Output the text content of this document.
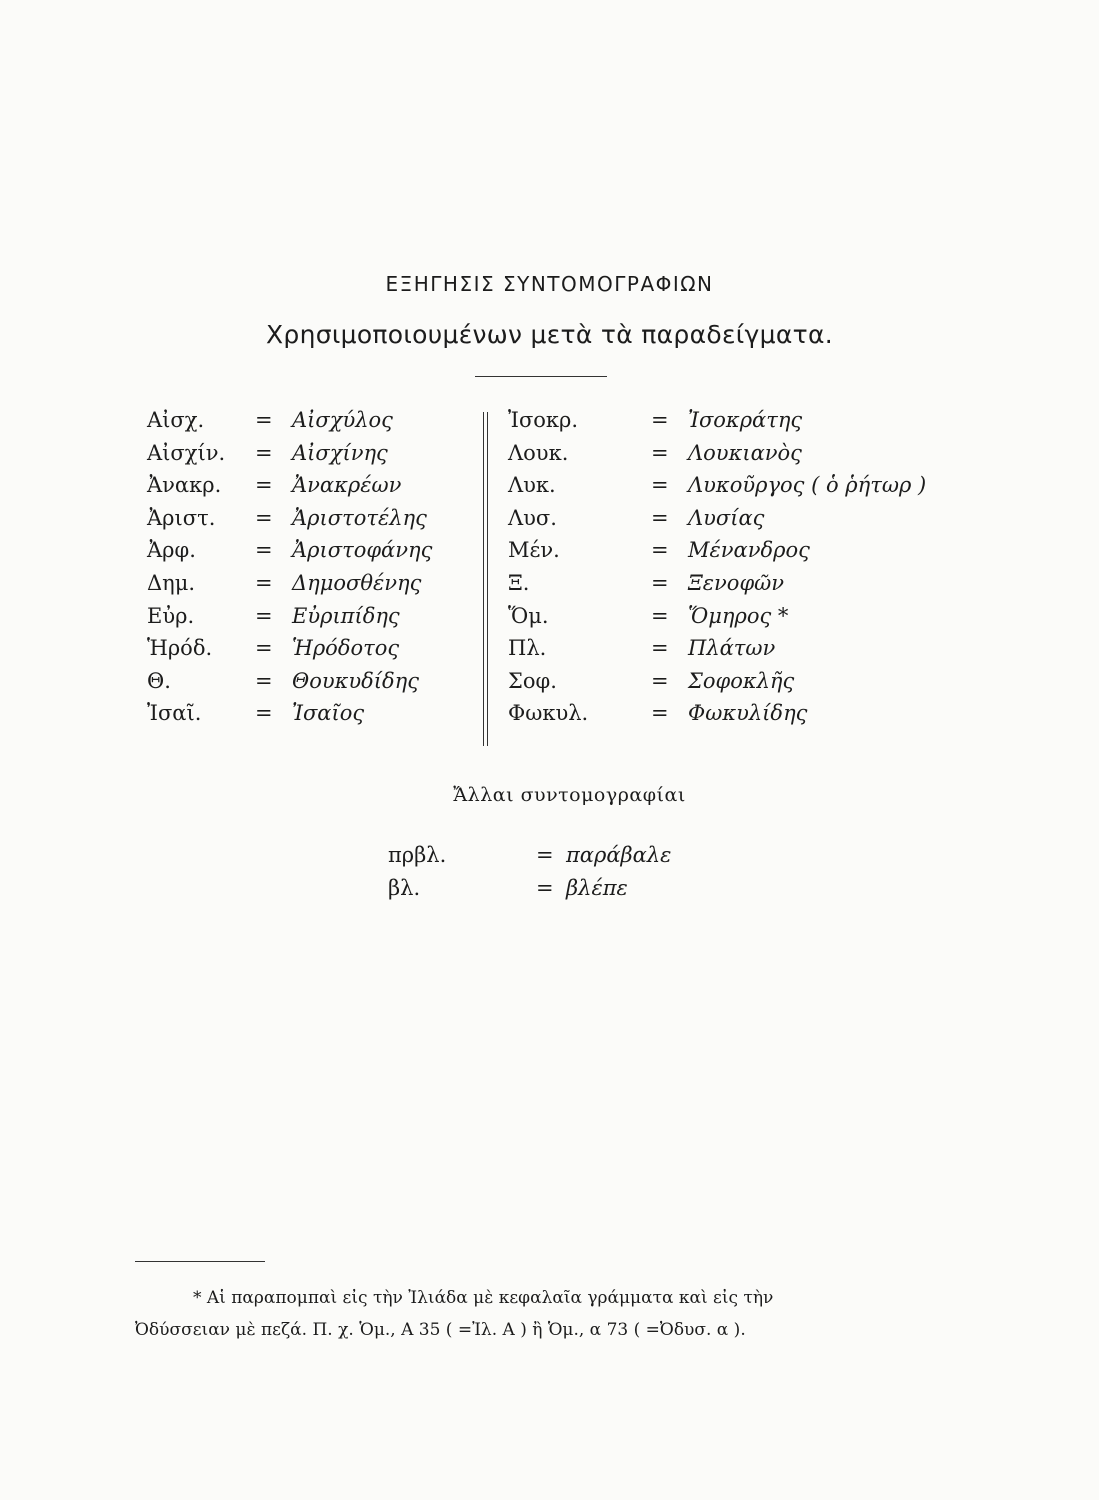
ΕΞΗΓΗΣΙΣ ΣΥΝΤΟΜΟΓΡΑΦΙΩΝ
Χρησιμοποιουμένων μετὰ τὰ παραδείγματα.
Αἰσχ. = Αἰσχύλος
Αἰσχίν. = Αἰσχίνης
Ἀνακρ. = Ἀνακρέων
Ἀριστ. = Ἀριστοτέλης
Ἀρφ.	= Ἀριστοφάνης
Δημ.	= Δημοσθένης
Εὐρ.	= Εὐριπίδης
Ἡρόδ. = Ἡρόδοτος
Θ.	= Θουκυδίδης
Ἰσαῖ.	= Ἰσαῖος
Ἰσοκρ.	= Ἰσοκράτης
Λουκ.	= Λουκιανὸς
Λυκ.	= Λυκοῦργος ( ὁ ῥήτωρ )
Λυσ.	= Λυσίας
Μέν.	= Μένανδρος
Ξ.	= Ξενοφῶν
Ὅμ.	= Ὅμηρος *
Πλ.	= Πλάτων
Σοφ.	= Σοφοκλῆς
Φωκυλ.	= Φωκυλίδης
Ἄλλαι συντομογραφίαι
πρβλ.	= παράβαλε
βλ.	= βλέπε
* Αἱ παραπομπαὶ εἰς τὴν Ἰλιάδα μὲ κεφαλαῖα γράμματα καὶ εἰς τὴν
Ὀδύσσειαν μὲ πεζά. Π. χ. Ὁμ., Α 35 ( =Ἰλ. Α ) ἢ Ὁμ., α 73 ( =Ὀδυσ. α ).
